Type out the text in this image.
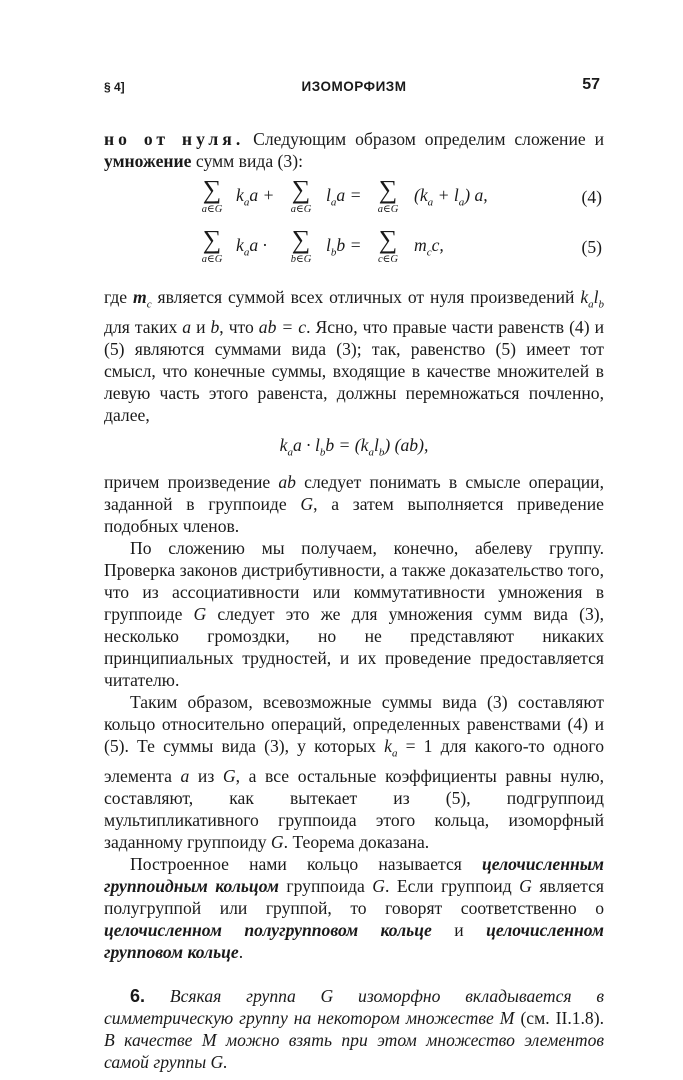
§ 4]	ИЗОМОРФИЗМ	57

но от нуля. Следующим образом определим сложение и умножение сумм вида (3):

∑
a∈G
$k_aa$ + ∑
a∈G
$l_aa$ = ∑
a∈G
$(k_a + l_a)$ a,	(4)
∑
a∈G
$k_aa$ · ∑
b∈G
$l_bb$ = ∑
c∈G
$m_cc$,	(5)

где $m_c$ является суммой всех отличных от нуля произведений $k_al_b$ для таких a и b, что ab = c. Ясно, что правые части равенств (4) и (5) являются суммами вида (3); так, равенство (5) имеет тот смысл, что конечные суммы, входящие в качестве множителей в левую часть этого равенста, должны перемножаться почленно, далее,

$k_aa \cdot l_bb = (k_al_b)$ (ab),

причем произведение ab следует понимать в смысле операции, заданной в группоиде G, а затем выполняется приведение подобных членов.

По сложению мы получаем, конечно, абелеву группу. Проверка законов дистрибутивности, а также доказательство того, что из ассоциативности или коммутативности умножения в группоиде G следует это же для умножения сумм вида (3), несколько громоздки, но не представляют никаких принципиальных трудностей, и их проведение предоставляется читателю.

Таким образом, всевозможные суммы вида (3) составляют кольцо относительно операций, определенных равенствами (4) и (5). Те суммы вида (3), у которых $k_a = 1$ для какого-то одного элемента a из G, а все остальные коэффициенты равны нулю, составляют, как вытекает из (5), подгруппоид мультипликативного группоида этого кольца, изоморфный заданному группоиду G. Теорема доказана.

Построенное нами кольцо называется целочисленным группоидным кольцом группоида G. Если группоид G является полугруппой или группой, то говорят соответственно о целочисленном полугрупповом кольце и целочисленном групповом кольце.

6. Всякая группа G изоморфно вкладывается в симметрическую группу на некотором множестве M (см. II.1.8). В качестве M можно взять при этом множество элементов самой группы G.
